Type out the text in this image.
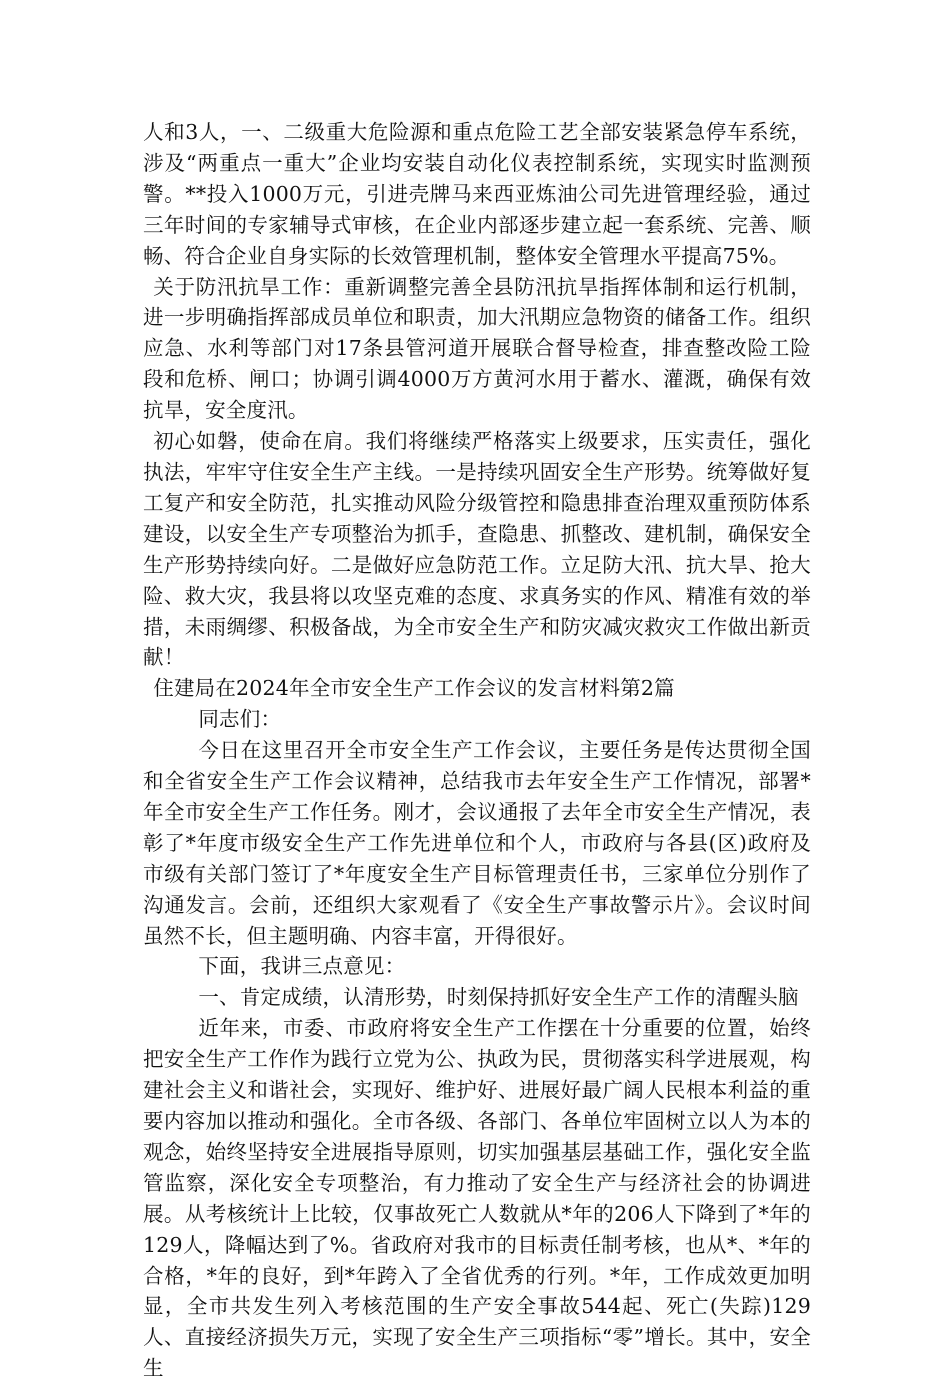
人和3人，一、二级重大危险源和重点危险工艺全部安装紧急停车系统，涉及“两重点一重大”企业均安装自动化仪表控制系统，实现实时监测预警。**投入1000万元，引进壳牌马来西亚炼油公司先进管理经验，通过三年时间的专家辅导式审核，在企业内部逐步建立起一套系统、完善、顺畅、符合企业自身实际的长效管理机制，整体安全管理水平提高75%。

关于防汛抗旱工作：重新调整完善全县防汛抗旱指挥体制和运行机制，进一步明确指挥部成员单位和职责，加大汛期应急物资的储备工作。组织应急、水利等部门对17条县管河道开展联合督导检查，排查整改险工险段和危桥、闸口；协调引调4000万方黄河水用于蓄水、灌溉，确保有效抗旱，安全度汛。

初心如磐，使命在肩。我们将继续严格落实上级要求，压实责任，强化执法，牢牢守住安全生产主线。一是持续巩固安全生产形势。统筹做好复工复产和安全防范，扎实推动风险分级管控和隐患排查治理双重预防体系建设，以安全生产专项整治为抓手，查隐患、抓整改、建机制，确保安全生产形势持续向好。二是做好应急防范工作。立足防大汛、抗大旱、抢大险、救大灾，我县将以攻坚克难的态度、求真务实的作风、精准有效的举措，未雨绸缪、积极备战，为全市安全生产和防灾减灾救灾工作做出新贡献！

住建局在2024年全市安全生产工作会议的发言材料第2篇

同志们：

今日在这里召开全市安全生产工作会议，主要任务是传达贯彻全国和全省安全生产工作会议精神，总结我市去年安全生产工作情况，部署*年全市安全生产工作任务。刚才，会议通报了去年全市安全生产情况，表彰了*年度市级安全生产工作先进单位和个人，市政府与各县(区)政府及市级有关部门签订了*年度安全生产目标管理责任书，三家单位分别作了沟通发言。会前，还组织大家观看了《安全生产事故警示片》。会议时间虽然不长，但主题明确、内容丰富，开得很好。

下面，我讲三点意见：

一、肯定成绩，认清形势，时刻保持抓好安全生产工作的清醒头脑

近年来，市委、市政府将安全生产工作摆在十分重要的位置，始终把安全生产工作作为践行立党为公、执政为民，贯彻落实科学进展观，构建社会主义和谐社会，实现好、维护好、进展好最广阔人民根本利益的重要内容加以推动和强化。全市各级、各部门、各单位牢固树立以人为本的观念，始终坚持安全进展指导原则，切实加强基层基础工作，强化安全监管监察，深化安全专项整治，有力推动了安全生产与经济社会的协调进展。从考核统计上比较，仅事故死亡人数就从*年的206人下降到了*年的129人，降幅达到了%。省政府对我市的目标责任制考核，也从*、*年的合格，*年的良好，到*年跨入了全省优秀的行列。*年，工作成效更加明显，全市共发生列入考核范围的生产安全事故544起、死亡(失踪)129人、直接经济损失万元，实现了安全生产三项指标“零”增长。其中，安全生
